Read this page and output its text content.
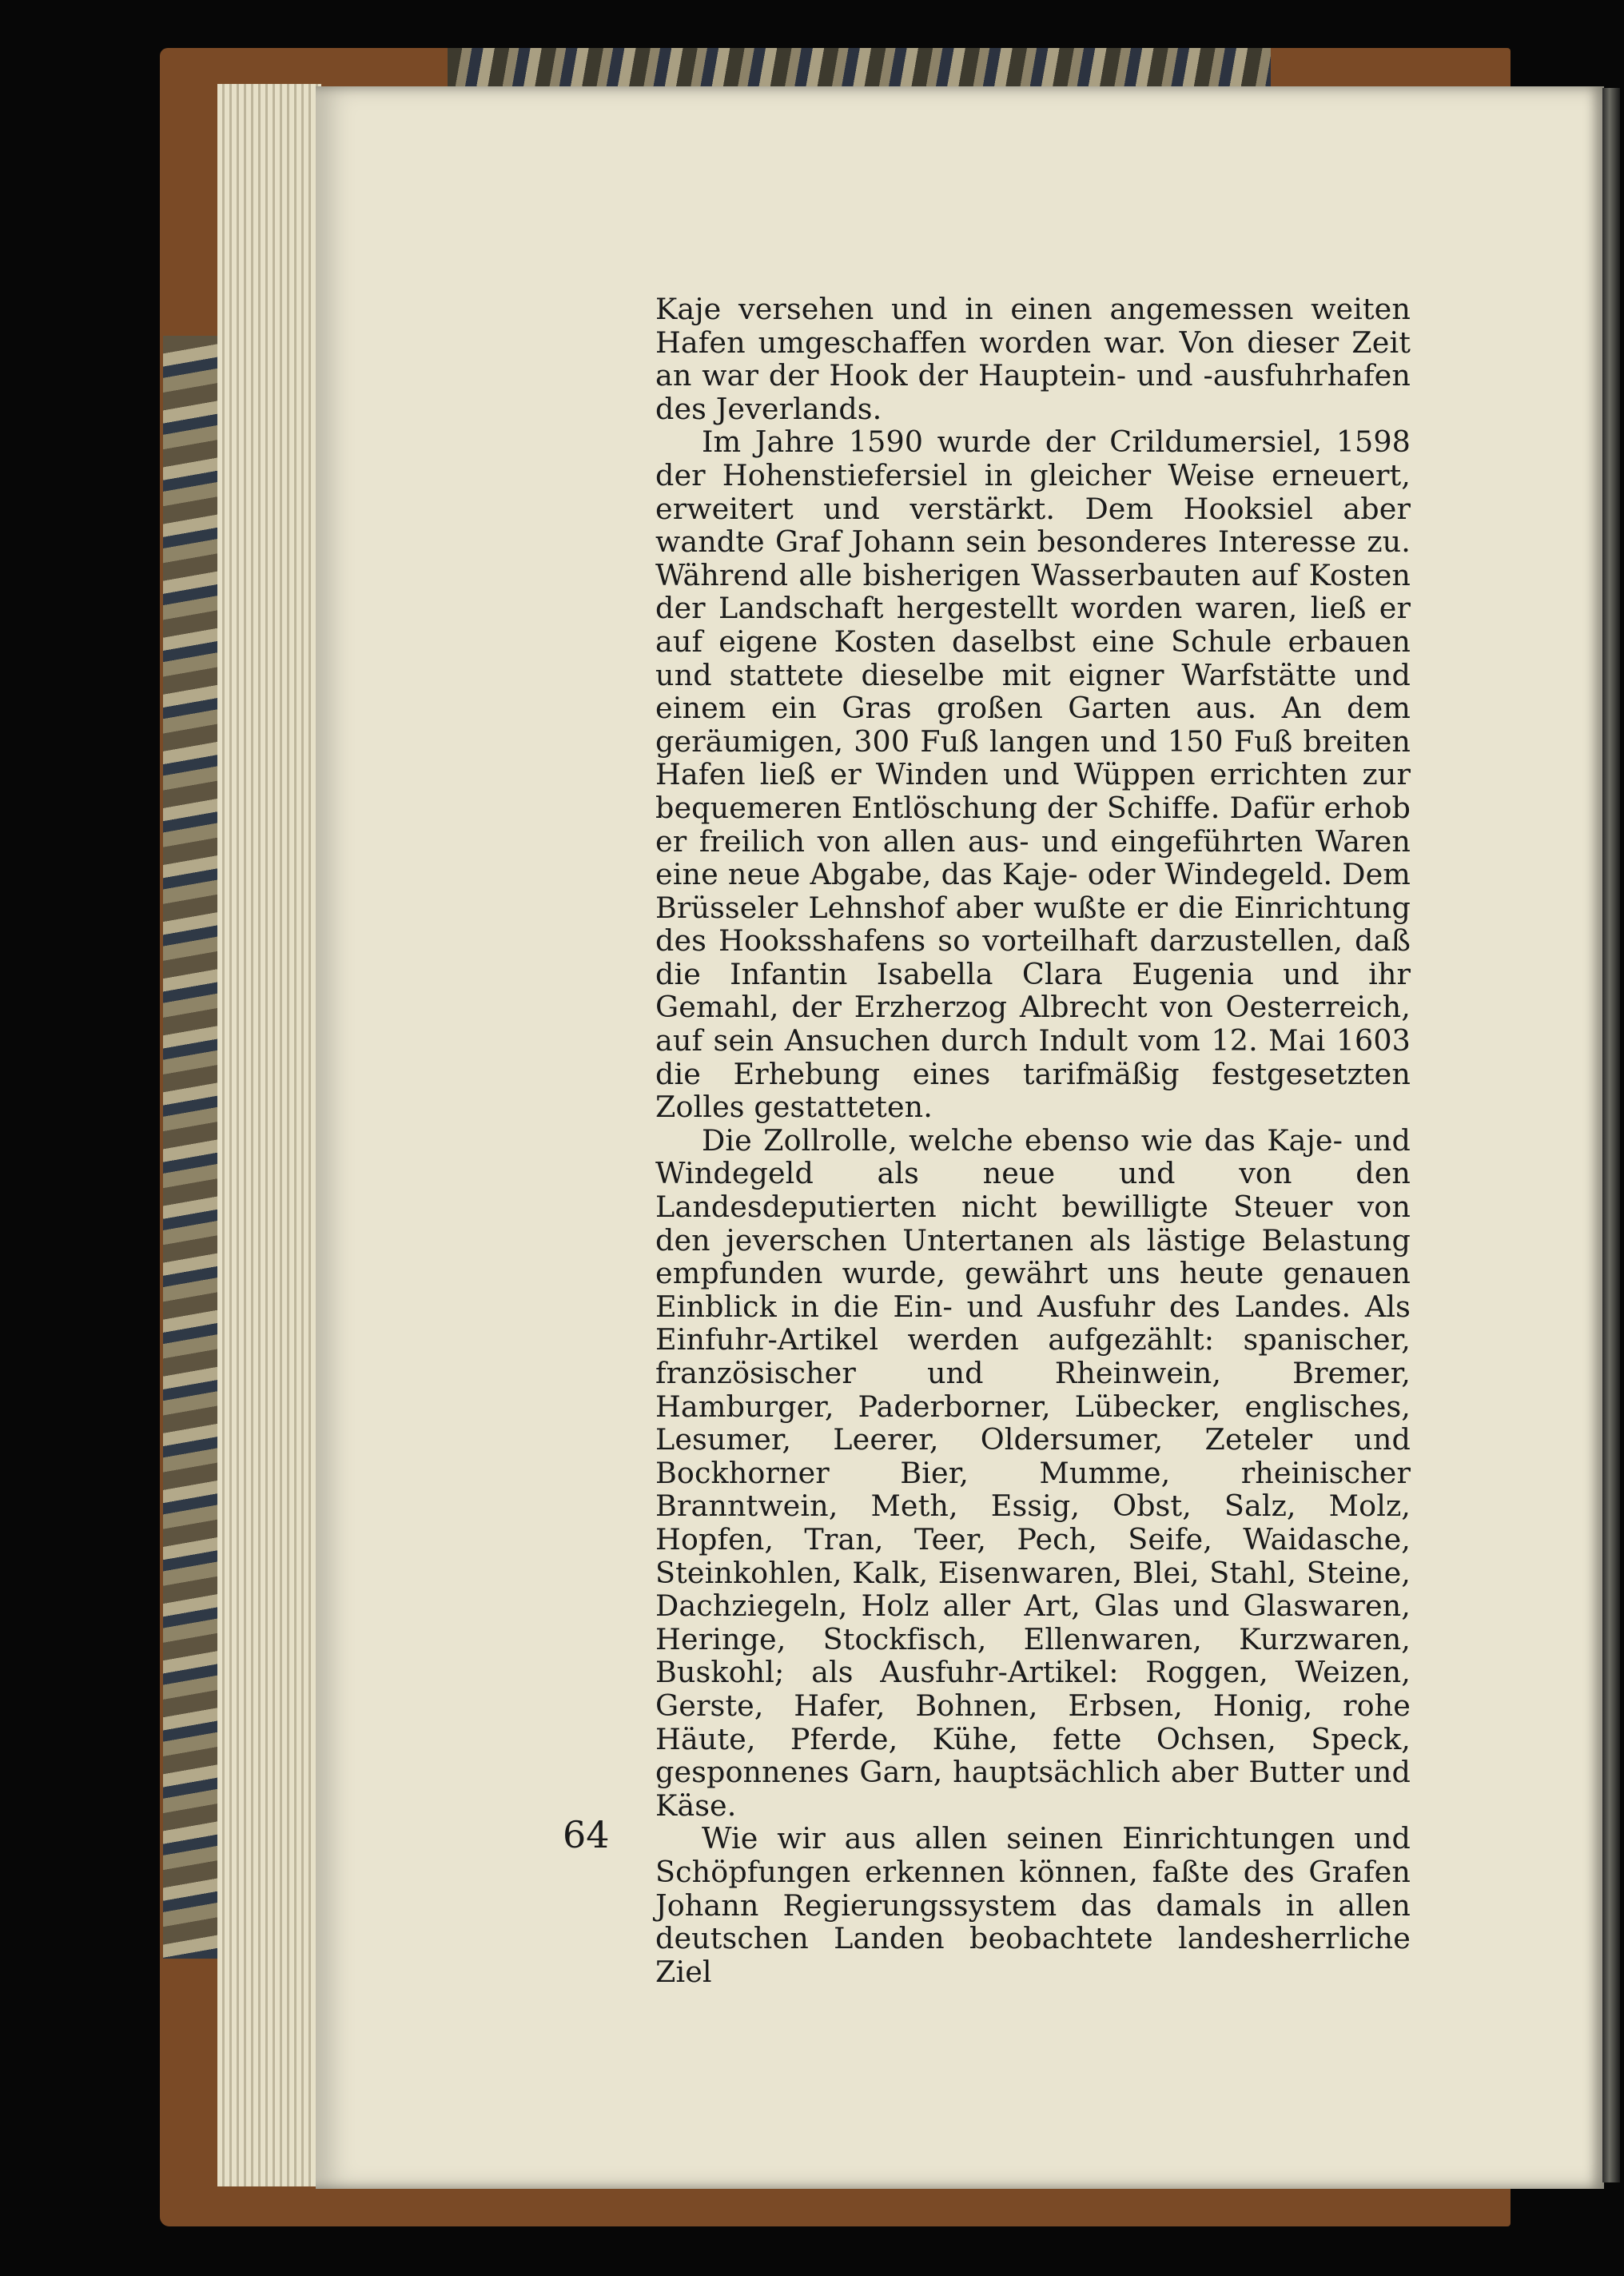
Kaje versehen und in einen angemessen weiten Hafen umgeschaffen worden war. Von dieser Zeit an war der Hook der Hauptein- und -ausfuhrhafen des Jeverlands.

Im Jahre 1590 wurde der Crildumersiel, 1598 der Hohenstiefersiel in gleicher Weise erneuert, erweitert und verstärkt. Dem Hooksiel aber wandte Graf Johann sein besonderes Interesse zu. Während alle bisherigen Wasserbauten auf Kosten der Landschaft hergestellt worden waren, ließ er auf eigene Kosten daselbst eine Schule erbauen und stattete dieselbe mit eigner Warfstätte und einem ein Gras großen Garten aus. An dem geräumigen, 300 Fuß langen und 150 Fuß breiten Hafen ließ er Winden und Wüppen errichten zur bequemeren Entlöschung der Schiffe. Dafür erhob er freilich von allen aus- und eingeführten Waren eine neue Abgabe, das Kaje- oder Windegeld. Dem Brüsseler Lehnshof aber wußte er die Einrichtung des Hooksshafens so vorteilhaft darzustellen, daß die Infantin Isabella Clara Eugenia und ihr Gemahl, der Erzherzog Albrecht von Oesterreich, auf sein Ansuchen durch Indult vom 12. Mai 1603 die Erhebung eines tarifmäßig festgesetzten Zolles gestatteten.

Die Zollrolle, welche ebenso wie das Kaje- und Windegeld als neue und von den Landesdeputierten nicht bewilligte Steuer von den jeverschen Untertanen als lästige Belastung empfunden wurde, gewährt uns heute genauen Einblick in die Ein- und Ausfuhr des Landes. Als Einfuhr-Artikel werden aufgezählt: spanischer, französischer und Rheinwein, Bremer, Hamburger, Paderborner, Lübecker, englisches, Lesumer, Leerer, Oldersumer, Zeteler und Bockhorner Bier, Mumme, rheinischer Branntwein, Meth, Essig, Obst, Salz, Molz, Hopfen, Tran, Teer, Pech, Seife, Waidasche, Steinkohlen, Kalk, Eisenwaren, Blei, Stahl, Steine, Dachziegeln, Holz aller Art, Glas und Glaswaren, Heringe, Stockfisch, Ellenwaren, Kurzwaren, Buskohl; als Ausfuhr-Artikel: Roggen, Weizen, Gerste, Hafer, Bohnen, Erbsen, Honig, rohe Häute, Pferde, Kühe, fette Ochsen, Speck, gesponnenes Garn, hauptsächlich aber Butter und Käse.

Wie wir aus allen seinen Einrichtungen und Schöpfungen erkennen können, faßte des Grafen Johann Regierungssystem das damals in allen deutschen Landen beobachtete landesherrliche Ziel

64
